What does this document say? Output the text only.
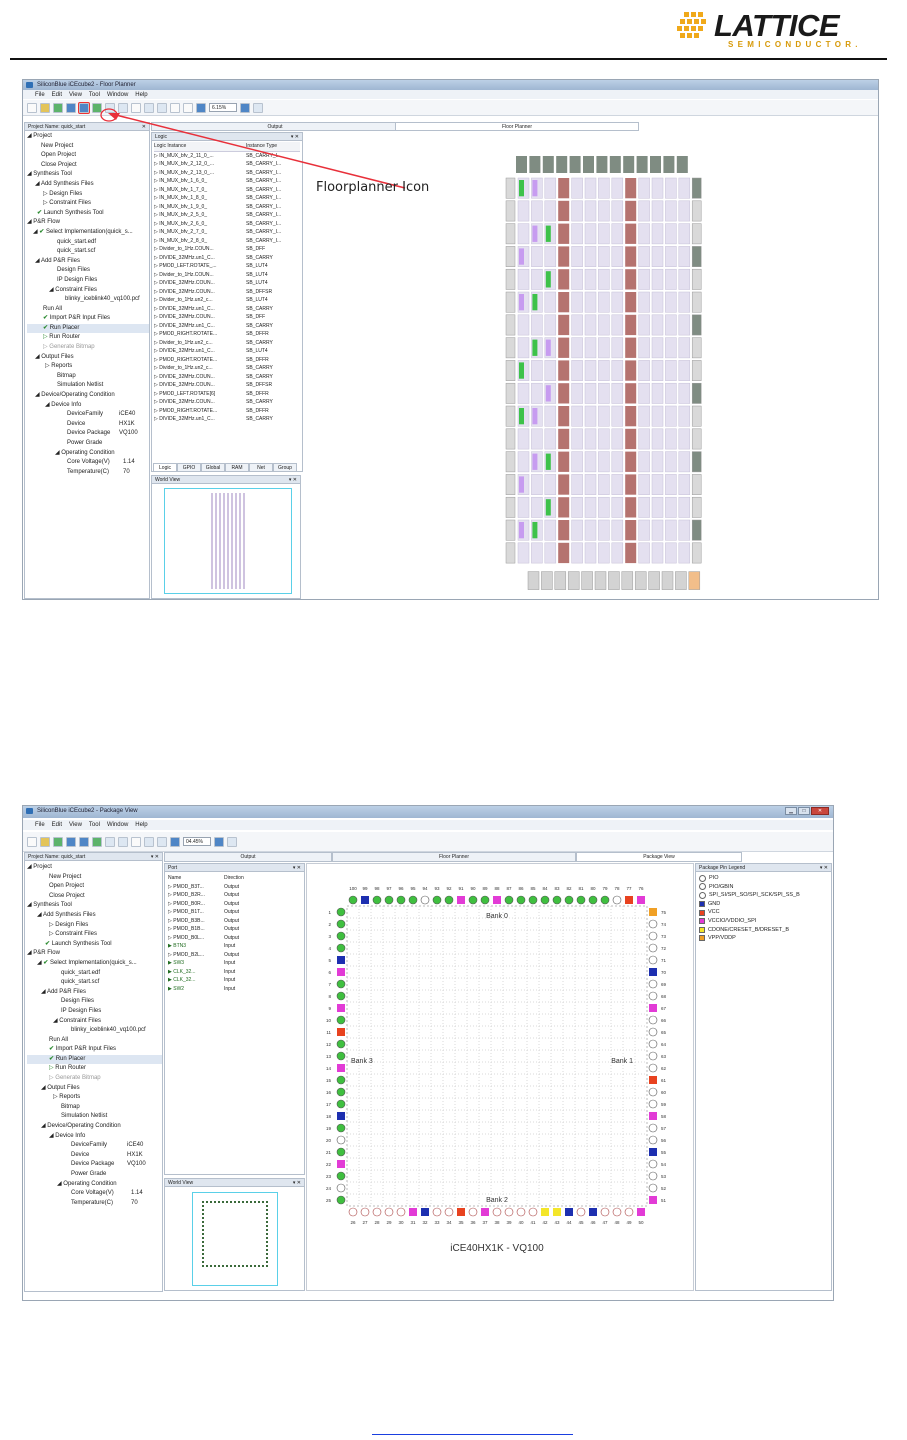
LATTICE
SEMICONDUCTOR.
SiliconBlue iCEcube2 - Floor Planner
File Edit View Tool Window Help
6.15%
Project Name: quick_start	✕
◢ Project
New Project
Open Project
Close Project
◢ Synthesis Tool
◢ Add Synthesis Files
▷ Design Files
▷ Constraint Files
✔ Launch Synthesis Tool
◢ P&R Flow
◢ ✔ Select Implementation(quick_s...
quick_start.edf
quick_start.scf
◢ Add P&R Files
Design Files
IP Design Files
◢ Constraint Files
blinky_iceblink40_vq100.pcf
Run All
✔ Import P&R Input Files
✔ Run Placer
▷ Run Router
▷ Generate Bitmap
◢ Output Files
▷ Reports
Bitmap
Simulation Netlist
◢ Device/Operating Condition
◢ Device Info
DeviceFamily	iCE40
Device	HX1K
Device Package VQ100
Power Grade
◢ Operating Condition
Core Voltage(V) 1.14
Temperature(C) 70
Output	Floor Planner
Logic	▾ ✕
Logic Instance	Instance Type
▷ IN_MUX_bfv_2_11_0_...	SB_CARRY_I...
▷ IN_MUX_bfv_2_12_0_...	SB_CARRY_I...
▷ IN_MUX_bfv_2_13_0_...	SB_CARRY_I...
▷ IN_MUX_bfv_1_6_0_	SB_CARRY_I...
▷ IN_MUX_bfv_1_7_0_	SB_CARRY_I...
▷ IN_MUX_bfv_1_8_0_	SB_CARRY_I...
▷ IN_MUX_bfv_1_9_0_	SB_CARRY_I...
▷ IN_MUX_bfv_2_5_0_	SB_CARRY_I...
▷ IN_MUX_bfv_2_6_0_	SB_CARRY_I...
▷ IN_MUX_bfv_2_7_0_	SB_CARRY_I...
▷ IN_MUX_bfv_2_8_0_	SB_CARRY_I...
▷ Divider_to_1Hz.COUN...	SB_DFF
▷ DIVIDE_32MHz.un1_C...	SB_CARRY
▷ PMOD_LEFT.ROTATE_...	SB_LUT4
▷ Divider_to_1Hz.COUN...	SB_LUT4
▷ DIVIDE_32MHz.COUN...	SB_LUT4
▷ DIVIDE_32MHz.COUN...	SB_DFFSR
▷ Divider_to_1Hz.un2_c...	SB_LUT4
▷ DIVIDE_32MHz.un1_C...	SB_CARRY
▷ DIVIDE_32MHz.COUN...	SB_DFF
▷ DIVIDE_32MHz.un1_C...	SB_CARRY
▷ PMOD_RIGHT.ROTATE...	SB_DFFR
▷ Divider_to_1Hz.un2_c...	SB_CARRY
▷ DIVIDE_32MHz.un1_C...	SB_LUT4
▷ PMOD_RIGHT.ROTATE...	SB_DFFR
▷ Divider_to_1Hz.un2_c...	SB_CARRY
▷ DIVIDE_32MHz.COUN...	SB_CARRY
▷ DIVIDE_32MHz.COUN...	SB_DFFSR
▷ PMOD_LEFT.ROTATE[6]	SB_DFFR
▷ DIVIDE_32MHz.COUN...	SB_CARRY
▷ PMOD_RIGHT.ROTATE...	SB_DFFR
▷ DIVIDE_32MHz.un1_C...	SB_CARRY
Logic	GPIO	Global	RAM	Net	Group
World View	▾ ✕
Floorplanner Icon
SiliconBlue iCEcube2 - Package View	▁	□	✕
File Edit View Tool Window Help
04.45%
Project Name: quick_start	▾ ✕
◢ Project
New Project
Open Project
Close Project
◢ Synthesis Tool
◢ Add Synthesis Files
▷ Design Files
▷ Constraint Files
✔ Launch Synthesis Tool
◢ P&R Flow
◢ ✔ Select Implementation(quick_s...
quick_start.edf
quick_start.scf
◢ Add P&R Files
Design Files
IP Design Files
◢ Constraint Files
blinky_iceblink40_vq100.pcf
Run All
✔ Import P&R Input Files
✔ Run Placer
▷ Run Router
▷ Generate Bitmap
◢ Output Files
▷ Reports
Bitmap
Simulation Netlist
◢ Device/Operating Condition
◢ Device Info
DeviceFamily	iCE40
Device	HX1K
Device Package VQ100
Power Grade
◢ Operating Condition
Core Voltage(V)	1.14
Temperature(C)	70
Output	Floor Planner	Package View
Port	▾ ✕
Name	Direction
▷ PMOD_B3T...	Output
▷ PMOD_B2R...	Output
▷ PMOD_B0R...	Output
▷ PMOD_B1T...	Output
▷ PMOD_B3B...	Output
▷ PMOD_B1B...	Output
▷ PMOD_B0L...	Output
▶ BTN3	Input
▷ PMOD_B2L...	Output
▶ SW3	Input
▶ CLK_32...	Input
▶ CLK_32...	Input
▶ SW2	Input
World View	▾ ✕
100
26
1	75
99
27
2	74
98
28
3	73
97
29
4	72
96
30
5	71
95
31
6	70
94
32
7	69
93
33
8	68
92
34
9	67
91
35
10	66
90
36
11	65
89
37
12	64
88
38
13	63
87
39
14	62
86
40
15	61
85
41
16	60
84
42
17	59
83
43
18	58
82
44
19	57
81
45
20	56
80
46
21	55
79
47
22	54
78
48
23	53
77
49
24	52
76
50
25	51
Bank 0
Bank 1
Bank 2
Bank 3
iCE40HX1K - VQ100
Package Pin Legend	▾ ✕
PIO
PIO/GBIN
SPI_SI/SPI_SO/SPI_SCK/SPI_SS_B
GND
VCC
VCCIO/VDDIO_SPI
CDONE/CRESET_B/DRESET_B
VPP/VDDP
